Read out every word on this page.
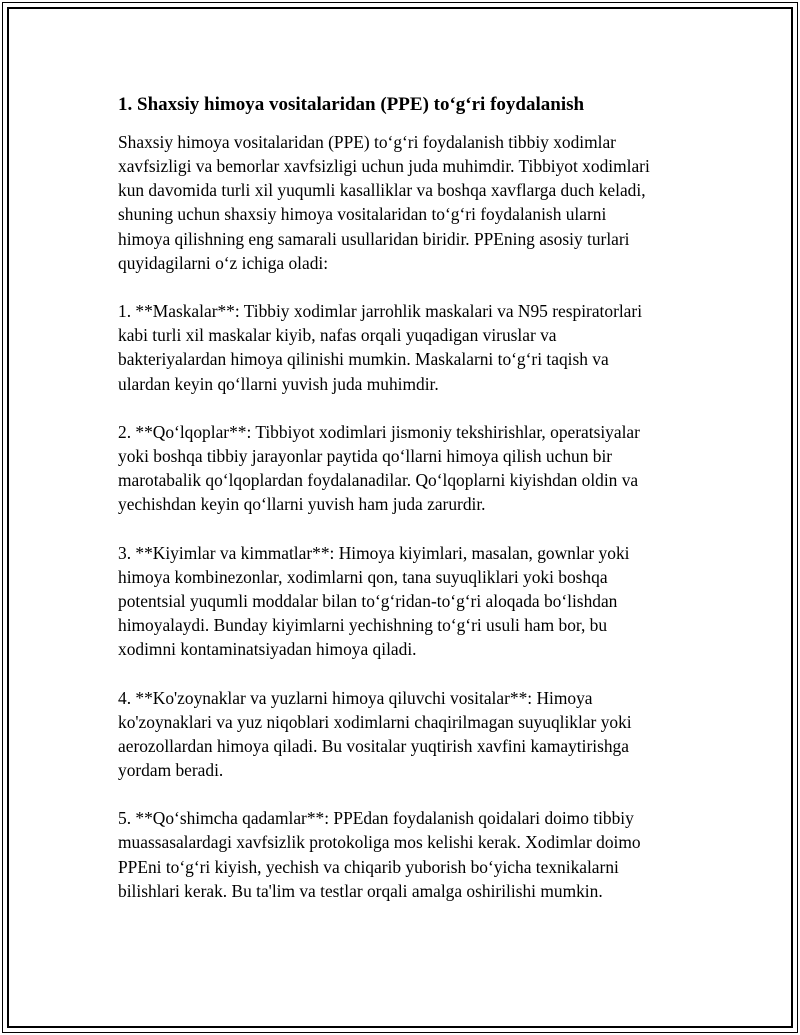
1. Shaxsiy himoya vositalaridan (PPE) to‘g‘ri foydalanish

Shaxsiy himoya vositalaridan (PPE) to‘g‘ri foydalanish tibbiy xodimlar
xavfsizligi va bemorlar xavfsizligi uchun juda muhimdir. Tibbiyot xodimlari
kun davomida turli xil yuqumli kasalliklar va boshqa xavflarga duch keladi,
shuning uchun shaxsiy himoya vositalaridan to‘g‘ri foydalanish ularni
himoya qilishning eng samarali usullaridan biridir. PPEning asosiy turlari
quyidagilarni o‘z ichiga oladi:

1. **Maskalar**: Tibbiy xodimlar jarrohlik maskalari va N95 respiratorlari
kabi turli xil maskalar kiyib, nafas orqali yuqadigan viruslar va
bakteriyalardan himoya qilinishi mumkin. Maskalarni to‘g‘ri taqish va
ulardan keyin qo‘llarni yuvish juda muhimdir.

2. **Qo‘lqoplar**: Tibbiyot xodimlari jismoniy tekshirishlar, operatsiyalar
yoki boshqa tibbiy jarayonlar paytida qo‘llarni himoya qilish uchun bir
marotabalik qo‘lqoplardan foydalanadilar. Qo‘lqoplarni kiyishdan oldin va
yechishdan keyin qo‘llarni yuvish ham juda zarurdir.

3. **Kiyimlar va kimmatlar**: Himoya kiyimlari, masalan, gownlar yoki
himoya kombinezonlar, xodimlarni qon, tana suyuqliklari yoki boshqa
potentsial yuqumli moddalar bilan to‘g‘ridan-to‘g‘ri aloqada bo‘lishdan
himoyalaydi. Bunday kiyimlarni yechishning to‘g‘ri usuli ham bor, bu
xodimni kontaminatsiyadan himoya qiladi.

4. **Ko'zoynaklar va yuzlarni himoya qiluvchi vositalar**: Himoya
ko'zoynaklari va yuz niqoblari xodimlarni chaqirilmagan suyuqliklar yoki
aerozollardan himoya qiladi. Bu vositalar yuqtirish xavfini kamaytirishga
yordam beradi.

5. **Qo‘shimcha qadamlar**: PPEdan foydalanish qoidalari doimo tibbiy
muassasalardagi xavfsizlik protokoliga mos kelishi kerak. Xodimlar doimo
PPEni to‘g‘ri kiyish, yechish va chiqarib yuborish bo‘yicha texnikalarni
bilishlari kerak. Bu ta'lim va testlar orqali amalga oshirilishi mumkin.
